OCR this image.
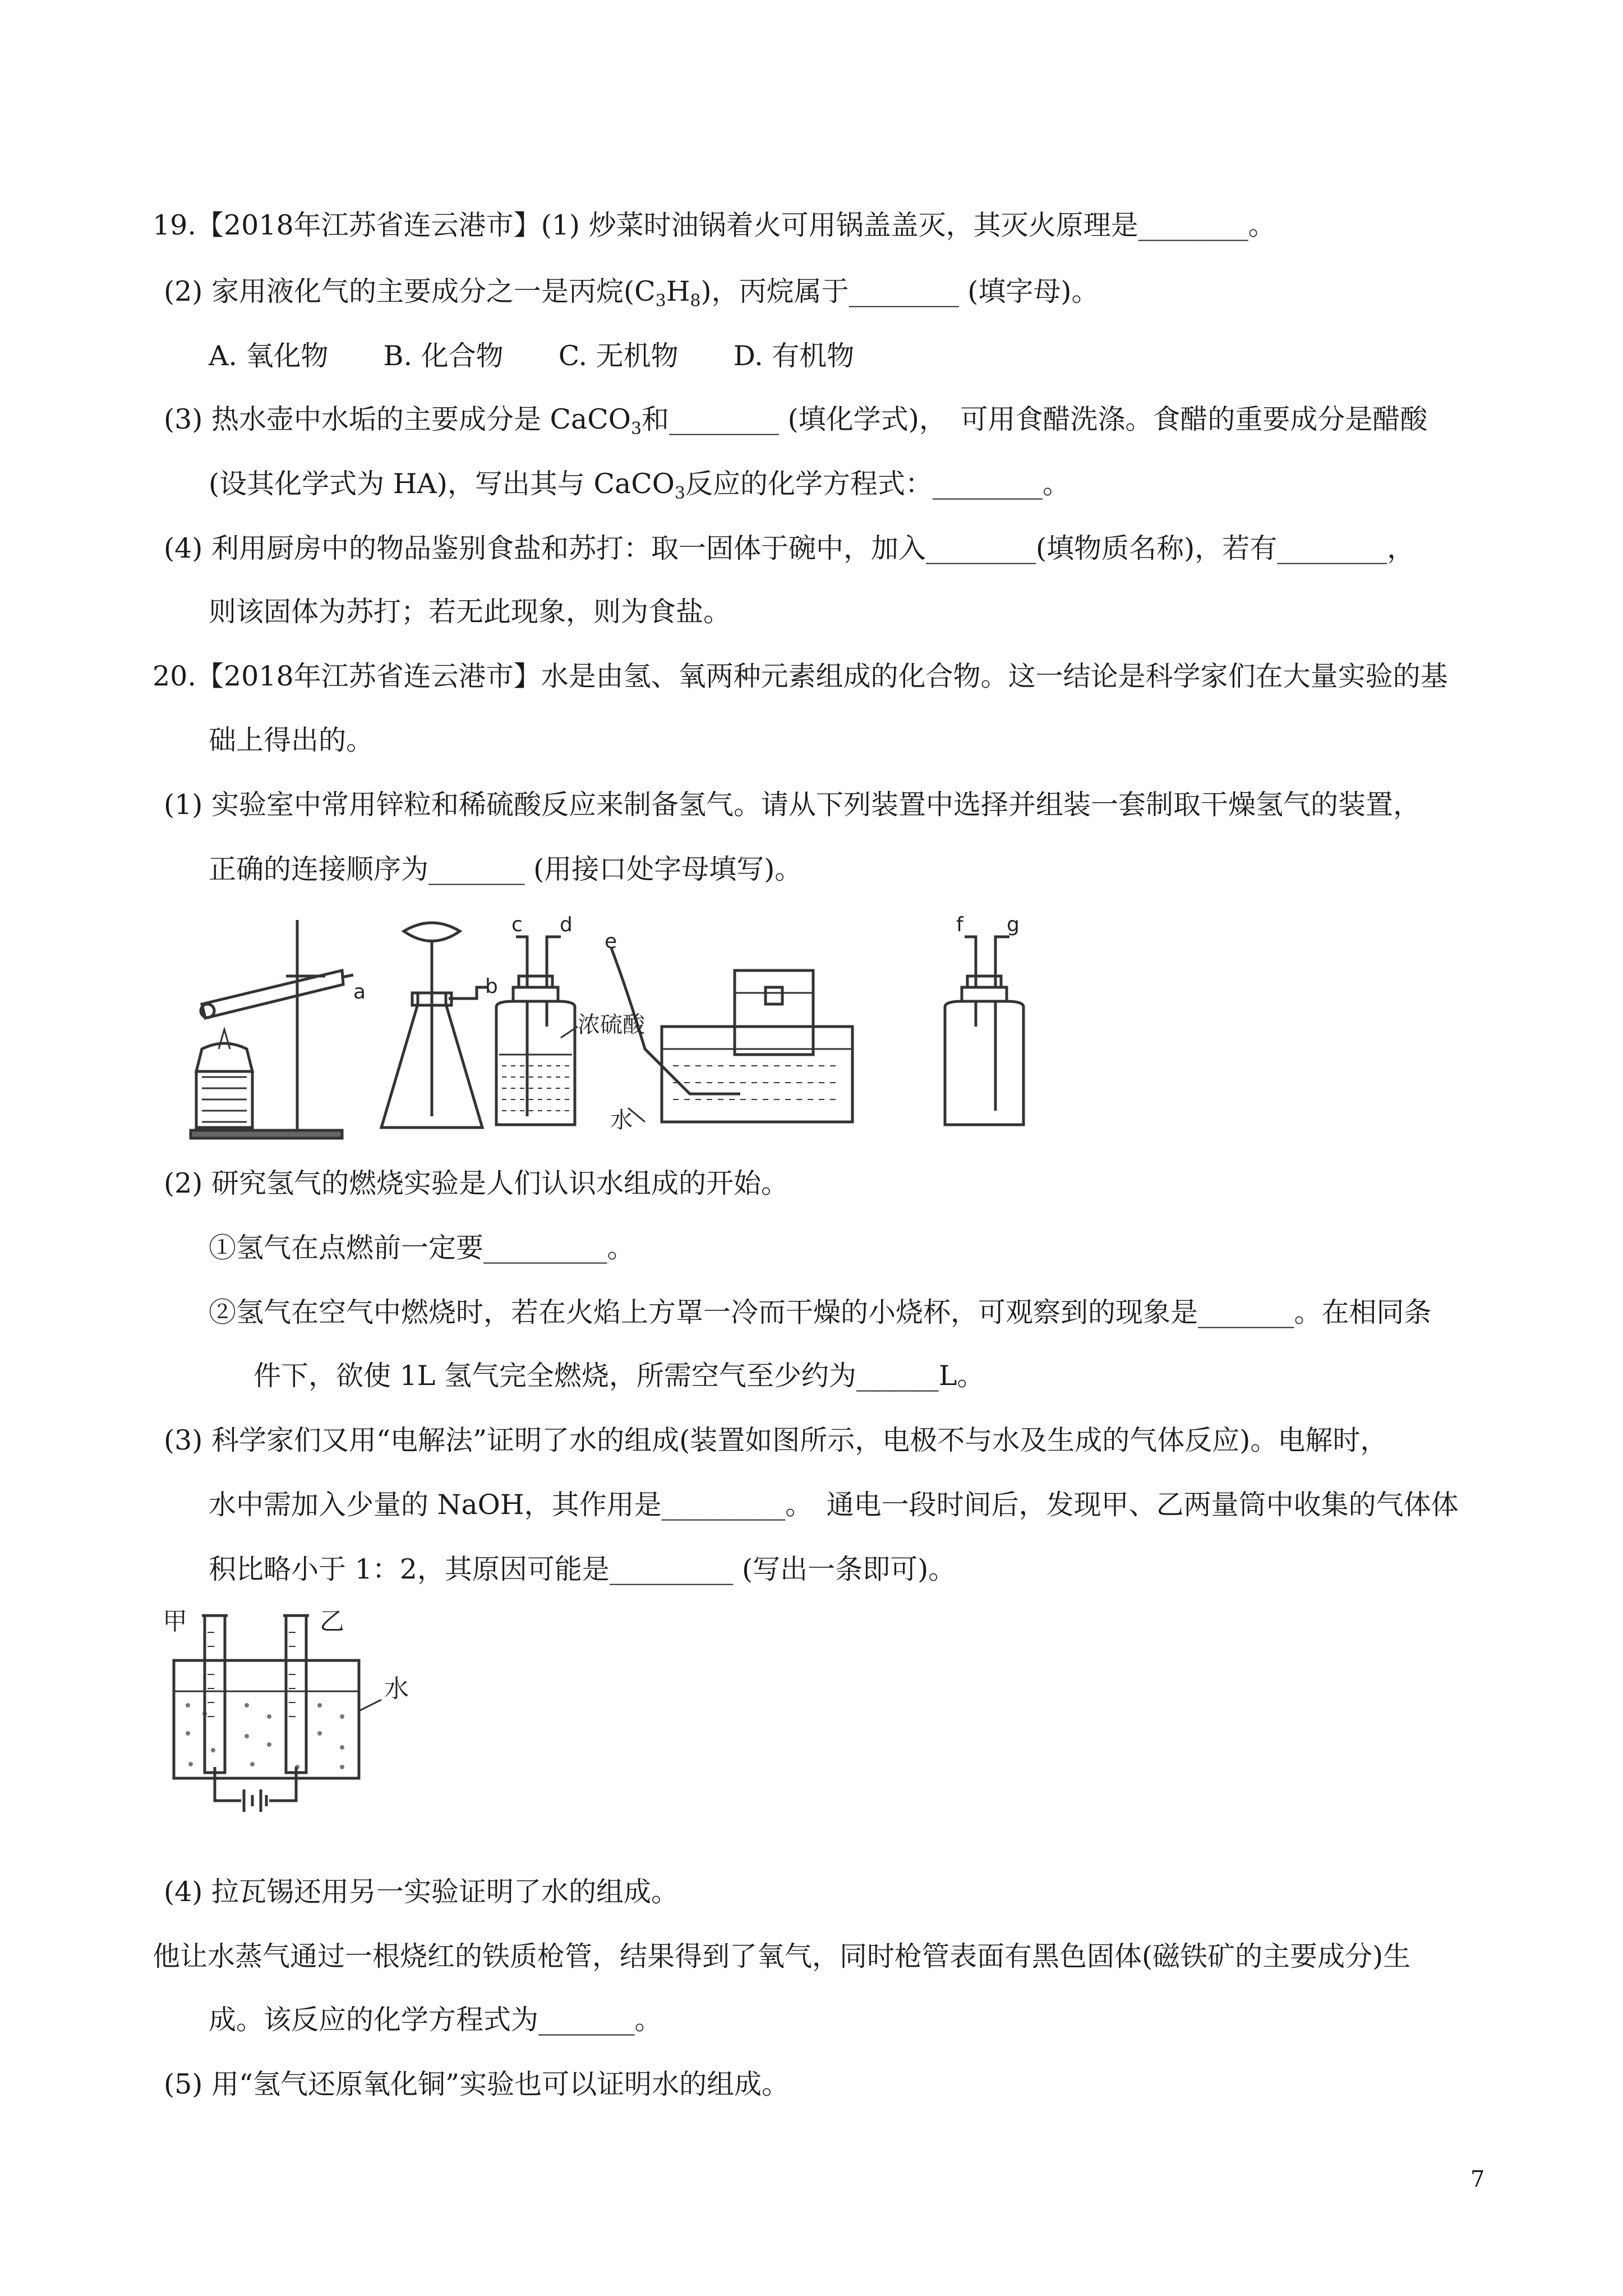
19.【2018年江苏省连云港市】(1) 炒菜时油锅着火可用锅盖盖灭，其灭火原理是________。
(2) 家用液化气的主要成分之一是丙烷$(C_3H_8)$，丙烷属于________ (填字母)。
A. 氧化物　　B. 化合物　　C. 无机物　　D. 有机物
(3) 热水壶中水垢的主要成分是 CaCO$_3$和________ (填化学式)，　可用食醋洗涤。食醋的重要成分是醋酸
(设其化学式为 HA)，写出其与 CaCO$_3$反应的化学方程式：________。
(4) 利用厨房中的物品鉴别食盐和苏打：取一固体于碗中，加入________(填物质名称)，若有________，
则该固体为苏打；若无此现象，则为食盐。
20.【2018年江苏省连云港市】水是由氢、氧两种元素组成的化合物。这一结论是科学家们在大量实验的基
础上得出的。
(1) 实验室中常用锌粒和稀硫酸反应来制备氢气。请从下列装置中选择并组装一套制取干燥氢气的装置，
正确的连接顺序为_______ (用接口处字母填写)。
a	b
c d
e
f g
浓硫酸
水
(2) 研究氢气的燃烧实验是人们认识水组成的开始。
①氢气在点燃前一定要_________。
②氢气在空气中燃烧时，若在火焰上方罩一冷而干燥的小烧杯，可观察到的现象是_______。在相同条
件下，欲使 1L 氢气完全燃烧，所需空气至少约为______L。
(3) 科学家们又用“电解法”证明了水的组成(装置如图所示，电极不与水及生成的气体反应)。电解时，
水中需加入少量的 NaOH，其作用是_________。　通电一段时间后，发现甲、乙两量筒中收集的气体体
积比略小于 1：2，其原因可能是_________ (写出一条即可)。
甲	乙
水
(4) 拉瓦锡还用另一实验证明了水的组成。
他让水蒸气通过一根烧红的铁质枪管，结果得到了氧气，同时枪管表面有黑色固体(磁铁矿的主要成分)生
成。该反应的化学方程式为_______。
(5) 用“氢气还原氧化铜”实验也可以证明水的组成。
7
